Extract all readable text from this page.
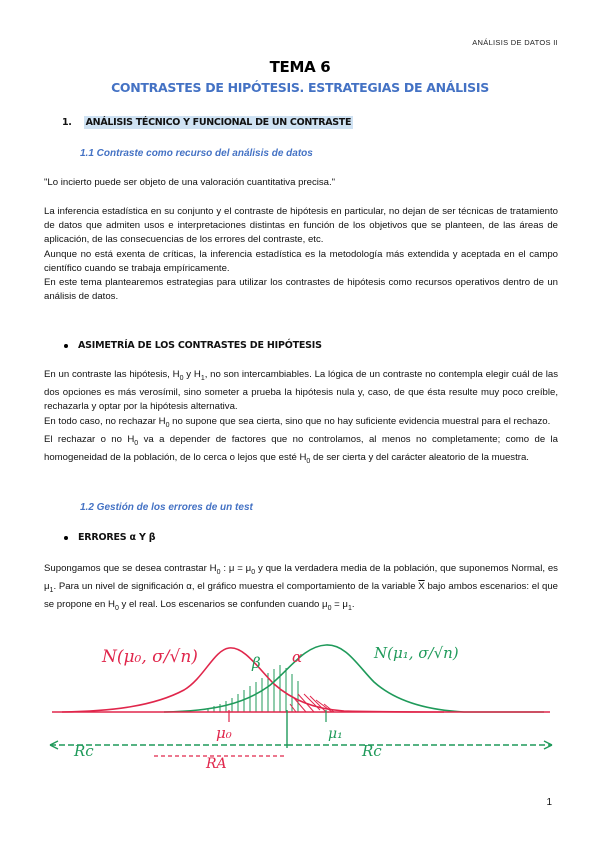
ANÁLISIS DE DATOS II
TEMA 6
CONTRASTES DE HIPÓTESIS. ESTRATEGIAS DE ANÁLISIS
1. ANÁLISIS TÉCNICO Y FUNCIONAL DE UN CONTRASTE
1.1 Contraste como recurso del análisis de datos

"Lo incierto puede ser objeto de una valoración cuantitativa precisa."

La inferencia estadística en su conjunto y el contraste de hipótesis en particular, no dejan de ser técnicas de tratamiento de datos que admiten usos e interpretaciones distintas en función de los objetivos que se planteen, de las áreas de aplicación, de las consecuencias de los errores del contraste, etc.

Aunque no está exenta de críticas, la inferencia estadística es la metodología más extendida y aceptada en el campo científico cuando se trabaja empíricamente.

En este tema plantearemos estrategias para utilizar los contrastes de hipótesis como recursos operativos dentro de un análisis de datos.

ASIMETRÍA DE LOS CONTRASTES DE HIPÓTESIS

En un contraste las hipótesis, $H_0$ y $H_1$, no son intercambiables. La lógica de un contraste no contempla elegir cuál de las dos opciones es más verosímil, sino someter a prueba la hipótesis nula y, caso, de que ésta resulte muy poco creíble, rechazarla y optar por la hipótesis alternativa.

En todo caso, no rechazar $H_0$ no supone que sea cierta, sino que no hay suficiente evidencia muestral para el rechazo.

El rechazar o no $H_0$ va a depender de factores que no controlamos, al menos no completamente; como de la homogeneidad de la población, de lo cerca o lejos que esté $H_0$ de ser cierta y del carácter aleatorio de la muestra.

1.2 Gestión de los errores de un test
ERRORES α Y β

Supongamos que se desea contrastar $H_0$ : $\mu = \mu_0$ y que la verdadera media de la población, que suponemos Normal, es $\mu_1$. Para un nivel de significación α, el gráfico muestra el comportamiento de la variable $\overline{X}$ bajo ambos escenarios: el que se propone en $H_0$ y el real. Los escenarios se confunden cuando $\mu_0 = \mu_1$.

N(μ₀, σ/√n)	N(μ₁, σ/√n)
β α
μ₀	μ₁
Rc
RA
Rc
1
